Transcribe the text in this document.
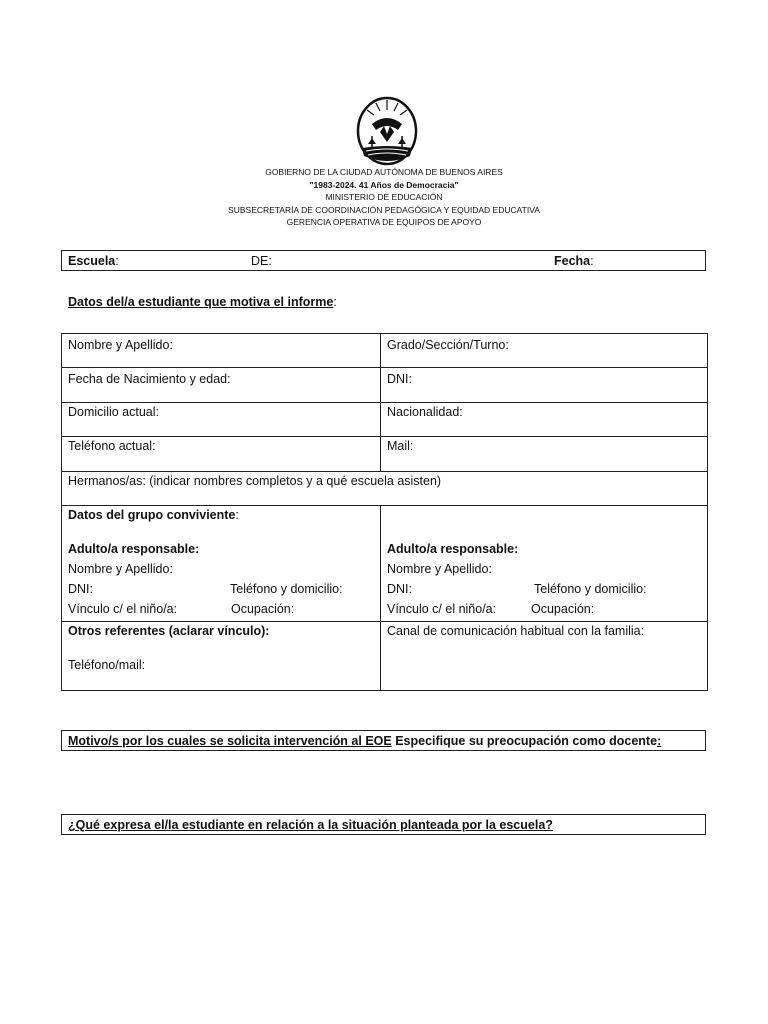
GOBIERNO DE LA CIUDAD AUTÓNOMA DE BUENOS AIRES
"1983-2024. 41 Años de Democracia"
MINISTERIO DE EDUCACIÓN
SUBSECRETARÍA DE COORDINACIÓN PEDAGÓGICA Y EQUIDAD EDUCATIVA
GERENCIA OPERATIVA DE EQUIPOS DE APOYO
Escuela:	DE:	Fecha:
Datos del/a estudiante que motiva el informe:
Nombre y Apellido:	Grado/Sección/Turno:
Fecha de Nacimiento y edad:	DNI:
Domicilio actual:	Nacionalidad:
Teléfono actual:	Mail:
Hermanos/as: (indicar nombres completos y a qué escuela asisten)
Datos del grupo conviviente:
Adulto/a responsable:
Nombre y Apellido:
DNI:	Teléfono y domicilio:
Vínculo c/ el niño/a:	Ocupación:
Adulto/a responsable:
Nombre y Apellido:
DNI:	Teléfono y domicilio:
Vínculo c/ el niño/a:	Ocupación:
Otros referentes (aclarar vínculo):
Teléfono/mail:
Canal de comunicación habitual con la familia:
Motivo/s por los cuales se solicita intervención al EOE Especifique su preocupación como docente:
¿Qué expresa el/la estudiante en relación a la situación planteada por la escuela?
